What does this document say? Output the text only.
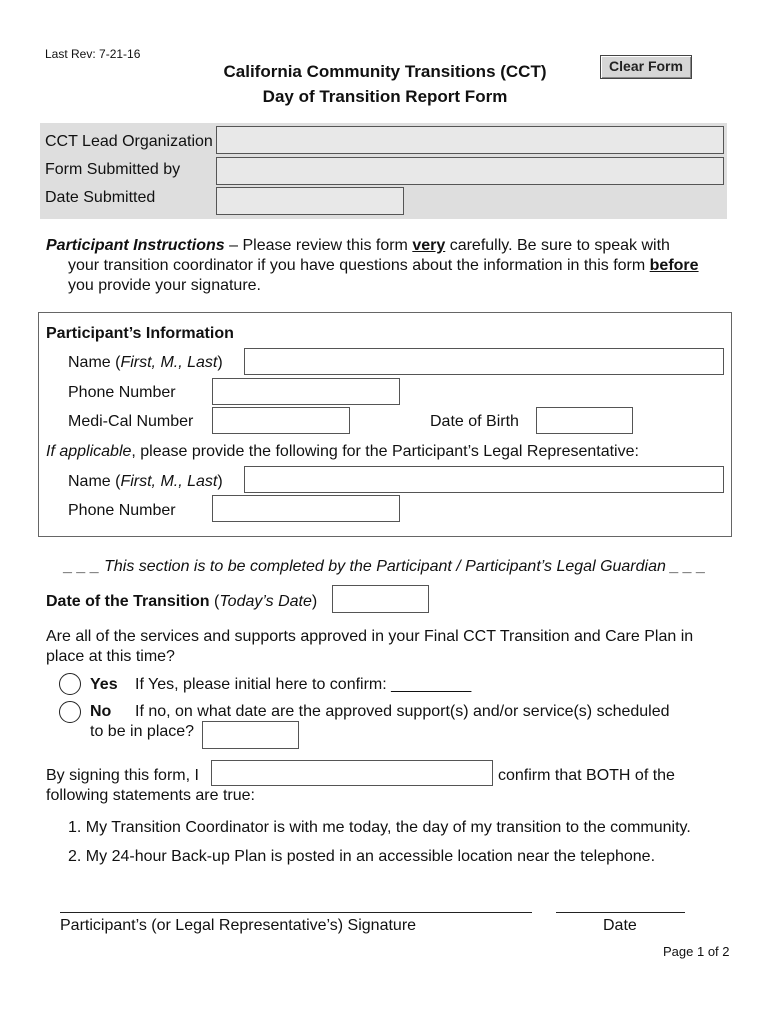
Last Rev: 7-21-16
California Community Transitions (CCT)
Day of Transition Report Form
Clear Form
CCT Lead Organization
Form Submitted by
Date Submitted
Participant Instructions – Please review this form very carefully. Be sure to speak with
your transition coordinator if you have questions about the information in this form before
you provide your signature.
Participant’s Information
Name (First, M., Last)
Phone Number
Medi-Cal Number	Date of Birth
If applicable, please provide the following for the Participant’s Legal Representative:
Name (First, M., Last)
Phone Number
_ _ _ This section is to be completed by the Participant / Participant’s Legal Guardian _ _ _
Date of the Transition (Today’s Date)
Are all of the services and supports approved in your Final CCT Transition and Care Plan in
place at this time?
Yes If Yes, please initial here to confirm: _________
No If no, on what date are the approved support(s) and/or service(s) scheduled
to be in place?
By signing this form, I	confirm that BOTH of the
following statements are true:
1. My Transition Coordinator is with me today, the day of my transition to the community.
2. My 24-hour Back-up Plan is posted in an accessible location near the telephone.
Participant’s (or Legal Representative’s) Signature	Date
Page 1 of 2
